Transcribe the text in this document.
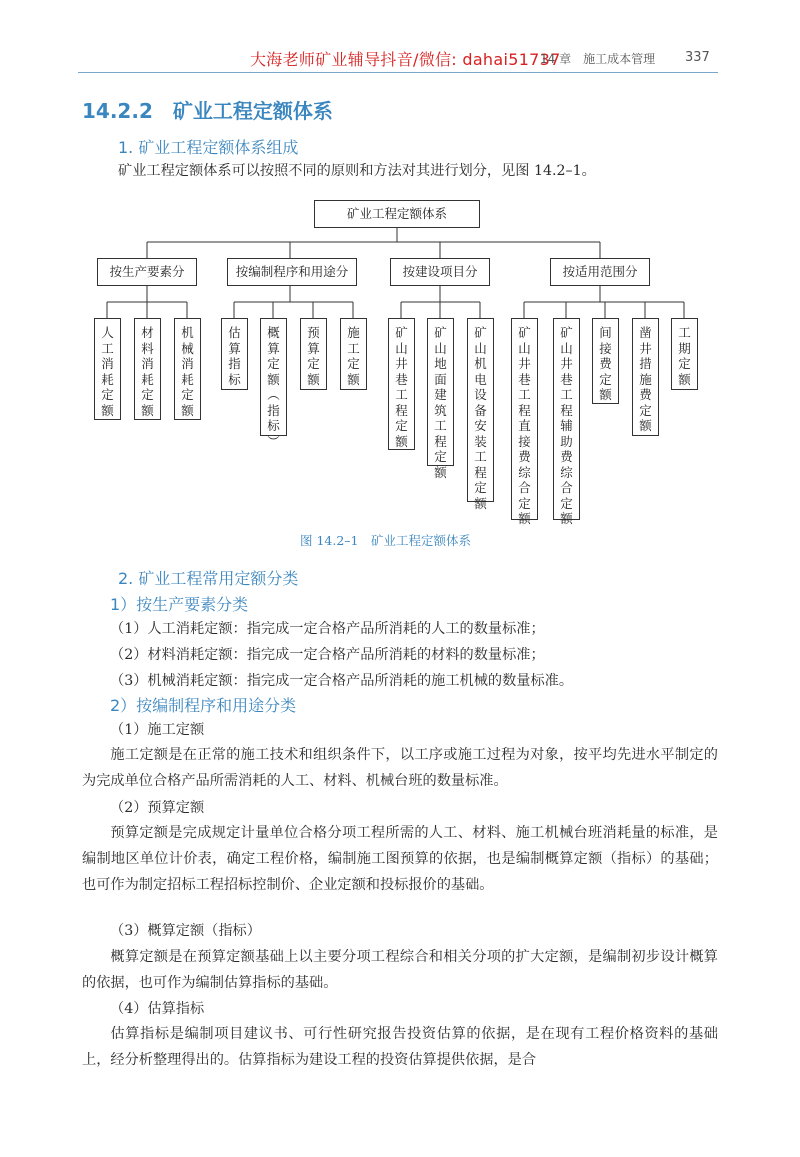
大海老师矿业辅导抖音/微信: dahai51737
14 章　施工成本管理 337
14.2.2　矿业工程定额体系
1. 矿业工程定额体系组成
矿业工程定额体系可以按照不同的原则和方法对其进行划分，见图 14.2–1。
矿业工程定额体系
按生产要素分	按编制程序和用途分	按建设项目分	按适用范围分
人
工
消
耗
定
额
材
料
消
耗
定
额
机
械
消
耗
定
额
估
算
指
标
概
算
定
额
︵
指
标
︶
预
算
定
额
施
工
定
额
矿
山
井
巷
工
程
定
额
矿
山
地
面
建
筑
工
程
定
额
矿
山
机
电
设
备
安
装
工
程
定
额
矿
山
井
巷
工
程
直
接
费
综
合
定
额
矿
山
井
巷
工
程
辅
助
费
综
合
定
额
间
接
费
定
额
凿
井
措
施
费
定
额
工
期
定
额
图 14.2–1　矿业工程定额体系
2. 矿业工程常用定额分类
1）按生产要素分类
（1）人工消耗定额：指完成一定合格产品所消耗的人工的数量标准；
（2）材料消耗定额：指完成一定合格产品所消耗的材料的数量标准；
（3）机械消耗定额：指完成一定合格产品所消耗的施工机械的数量标准。
2）按编制程序和用途分类
（1）施工定额
施工定额是在正常的施工技术和组织条件下，以工序或施工过程为对象，按平均先进水平制定的为完成单位合格产品所需消耗的人工、材料、机械台班的数量标准。
（2）预算定额
预算定额是完成规定计量单位合格分项工程所需的人工、材料、施工机械台班消耗量的标准，是编制地区单位计价表，确定工程价格，编制施工图预算的依据，也是编制概算定额（指标）的基础；也可作为制定招标工程招标控制价、企业定额和投标报价的基础。
（3）概算定额（指标）
概算定额是在预算定额基础上以主要分项工程综合和相关分项的扩大定额，是编制初步设计概算的依据，也可作为编制估算指标的基础。
（4）估算指标
估算指标是编制项目建议书、可行性研究报告投资估算的依据，是在现有工程价格资料的基础上，经分析整理得出的。估算指标为建设工程的投资估算提供依据，是合
